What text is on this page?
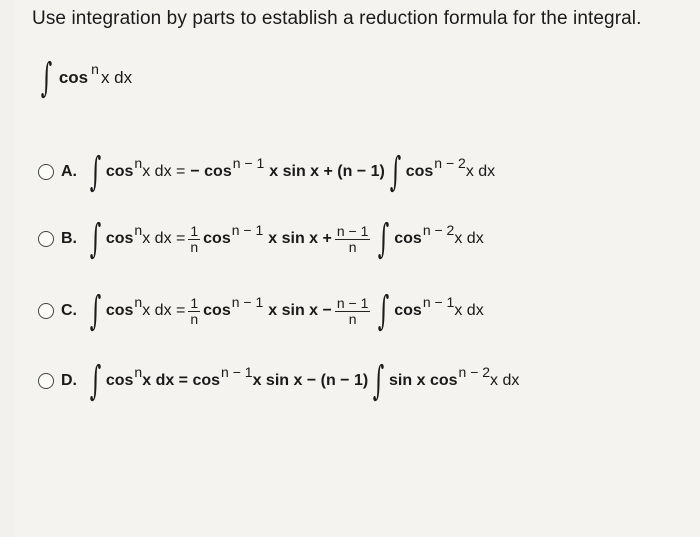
Use integration by parts to establish a reduction formula for the integral.
∫ cos n x dx
A. ∫ cos n x dx = − cos n − 1 x sin x + (n − 1) ∫ cos n − 2 x dx
B. ∫ cos n x dx = $\frac{1}{n}$ cos n − 1 x $\sin x + \frac{n - 1}{n}$ ∫ cos n − 2 x dx
C. ∫ cos n x dx = $\frac{1}{n}$ cos n − 1 x $\sin x - \frac{n - 1}{n}$ ∫ cos n − 1 x dx
D. ∫ cos n x dx = cos n − 1 x sin x − (n − 1) ∫ sin x cos n − 2 x dx
